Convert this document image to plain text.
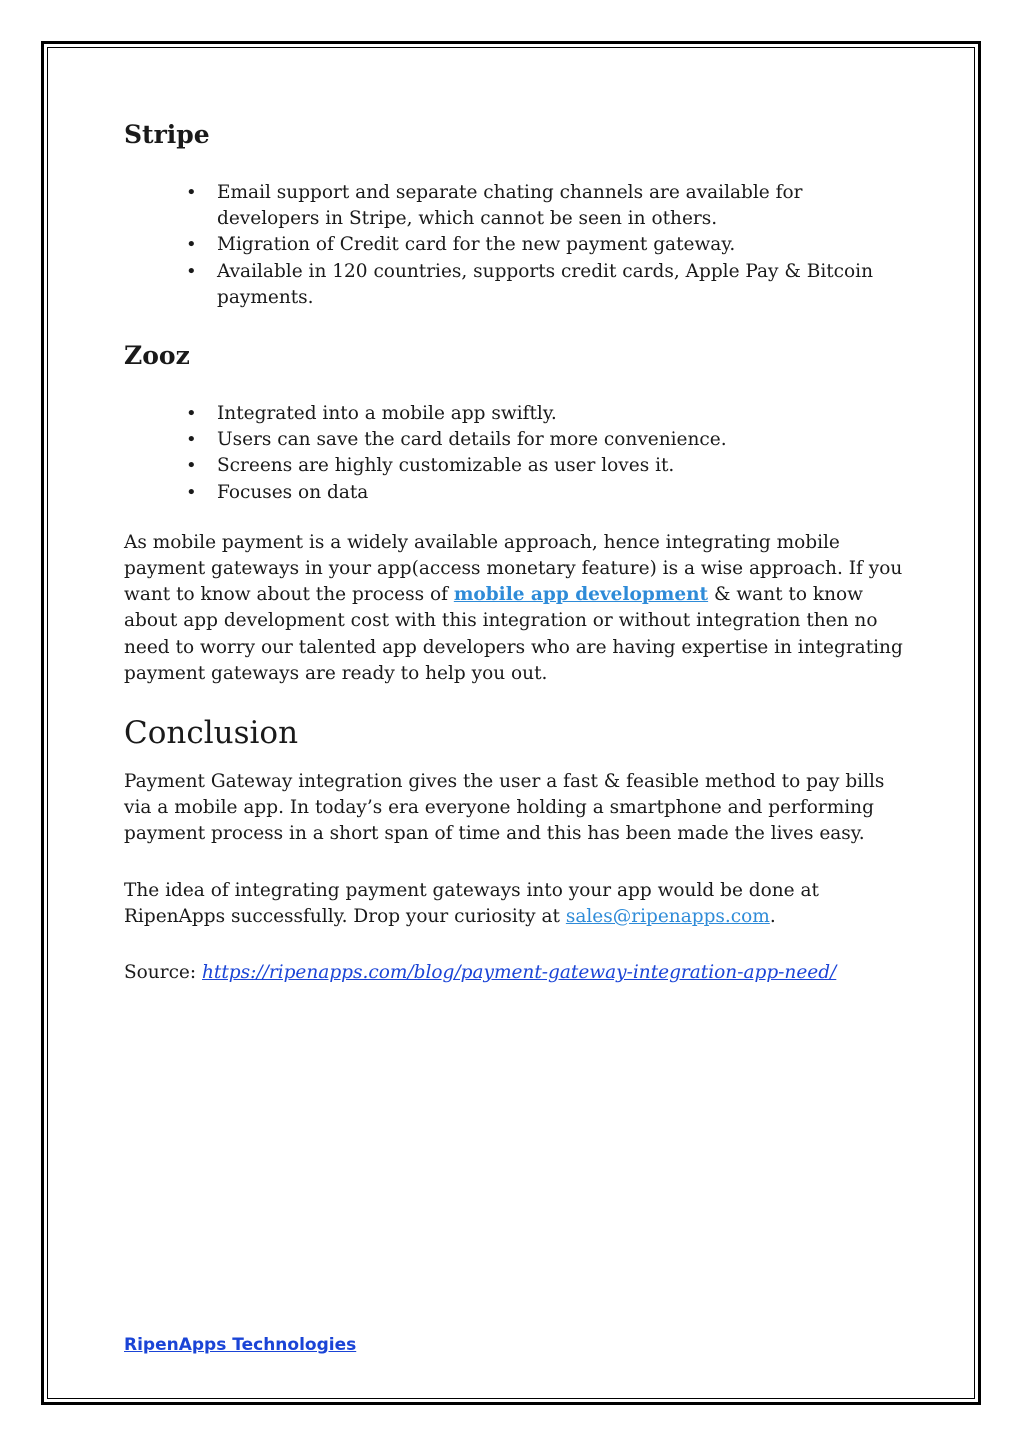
Stripe
• Email support and separate chating channels are available for developers in Stripe, which cannot be seen in others.
• Migration of Credit card for the new payment gateway.
• Available in 120 countries, supports credit cards, Apple Pay & Bitcoin payments.
Zooz
• Integrated into a mobile app swiftly.
• Users can save the card details for more convenience.
• Screens are highly customizable as user loves it.
• Focuses on data

As mobile payment is a widely available approach, hence integrating mobile payment gateways in your app(access monetary feature) is a wise approach. If you want to know about the process of mobile app development & want to know about app development cost with this integration or without integration then no need to worry our talented app developers who are having expertise in integrating payment gateways are ready to help you out.

Conclusion

Payment Gateway integration gives the user a fast & feasible method to pay bills via a mobile app. In today’s era everyone holding a smartphone and performing payment process in a short span of time and this has been made the lives easy.

The idea of integrating payment gateways into your app would be done at RipenApps successfully. Drop your curiosity at sales@ripenapps.com.

Source: https://ripenapps.com/blog/payment-gateway-integration-app-need/

RipenApps Technologies
